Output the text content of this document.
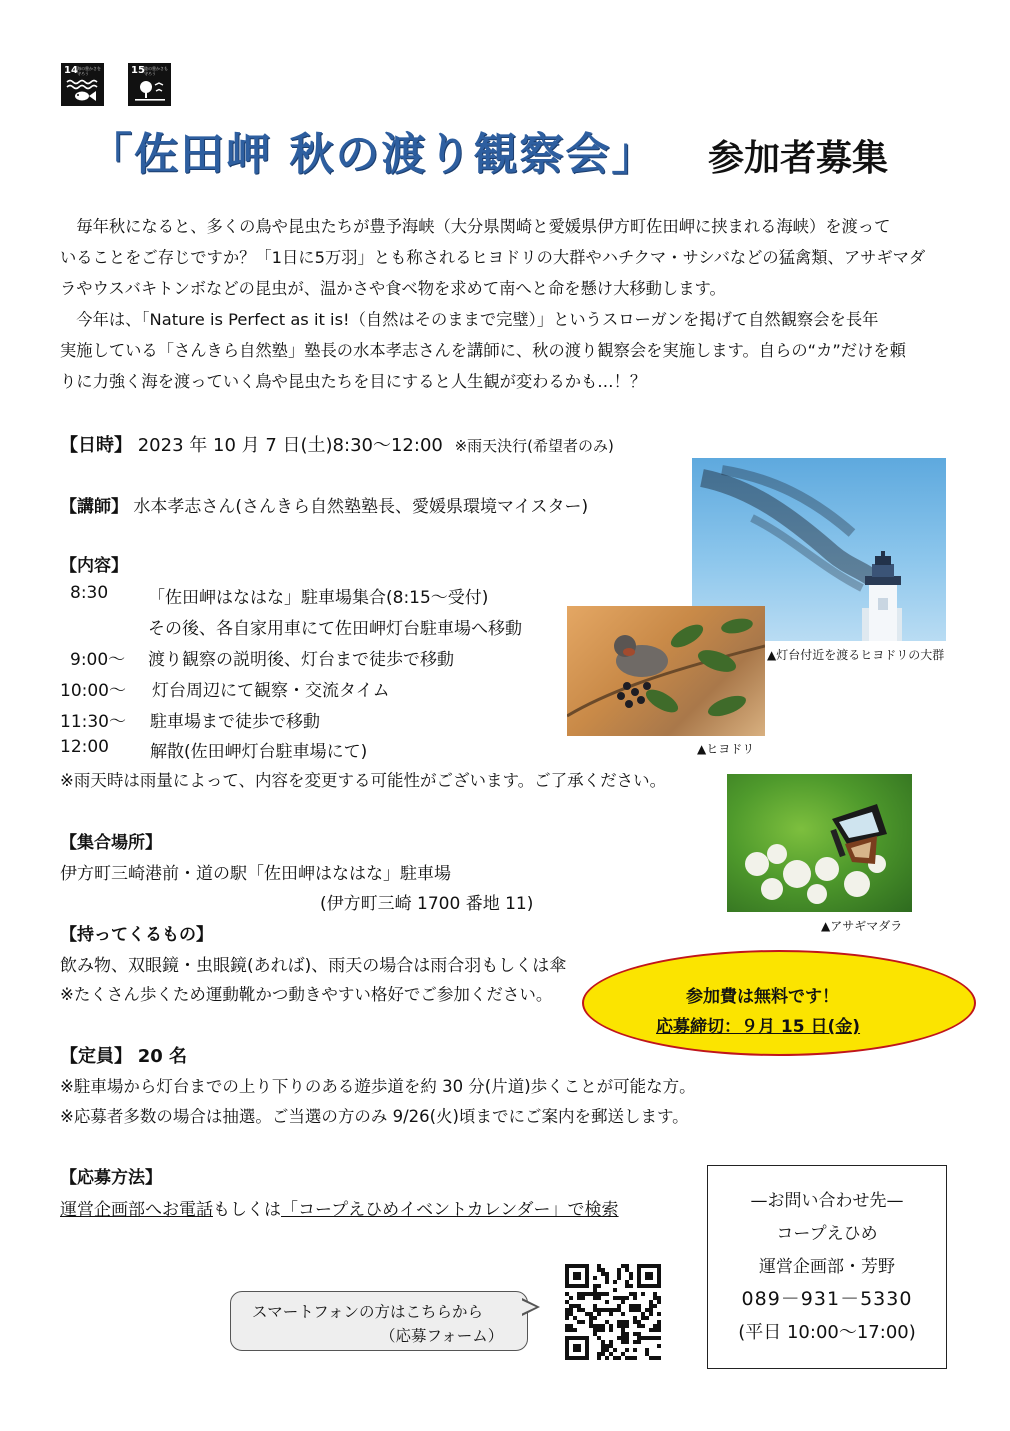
14 海の豊かさを守ろう	15 陸の豊かさも守ろう
「佐田岬 秋の渡り観察会」 参加者募集

毎年秋になると、多くの鳥や昆虫たちが豊予海峡（大分県関崎と愛媛県伊方町佐田岬に挟まれる海峡）を渡って

いることをご存じですか？「1日に5万羽」とも称されるヒヨドリの大群やハチクマ・サシバなどの猛禽類、アサギマダ

ラやウスバキトンボなどの昆虫が、温かさや食べ物を求めて南へと命を懸け大移動します。

今年は、「Nature is Perfect as it is!（自然はそのままで完璧）」というスローガンを掲げて自然観察会を長年

実施している「さんきら自然塾」塾長の水本孝志さんを講師に、秋の渡り観察会を実施します。自らの“カ”だけを頼

りに力強く海を渡っていく鳥や昆虫たちを目にすると人生観が変わるかも…！？

【日時】 2023 年 10 月 7 日(土)8:30～12:00 ※雨天決行(希望者のみ)
【講師】 水本孝志さん(さんきら自然塾塾長、愛媛県環境マイスター)
【内容】
8:30 「佐田岬はなはな」駐車場集合(8:15～受付)
その後、各自家用車にて佐田岬灯台駐車場へ移動
9:00～ 渡り観察の説明後、灯台まで徒歩で移動
10:00～ 灯台周辺にて観察・交流タイム
11:30～ 駐車場まで徒歩で移動
12:00 解散(佐田岬灯台駐車場にて)
※雨天時は雨量によって、内容を変更する可能性がございます。ご了承ください。
【集合場所】
伊方町三崎港前・道の駅「佐田岬はなはな」駐車場
(伊方町三崎 1700 番地 11)
【持ってくるもの】
飲み物、双眼鏡・虫眼鏡(あれば)、雨天の場合は雨合羽もしくは傘
※たくさん歩くため運動靴かつ動きやすい格好でご参加ください。	参加費は無料です！
応募締切：９月 15 日(金)
【定員】 20 名
※駐車場から灯台までの上り下りのある遊歩道を約 30 分(片道)歩くことが可能な方。
※応募者多数の場合は抽選。ご当選の方のみ 9/26(火)頃までにご案内を郵送します。
【応募方法】
運営企画部へお電話もしくは「コープえひめイベントカレンダー」で検索
▲灯台付近を渡るヒヨドリの大群
▲ヒヨドリ
▲アサギマダラ
スマートフォンの方はこちらから
（応募フォーム）
—お問い合わせ先—
コープえひめ
運営企画部・芳野
089－931－5330
(平日 10:00～17:00)
